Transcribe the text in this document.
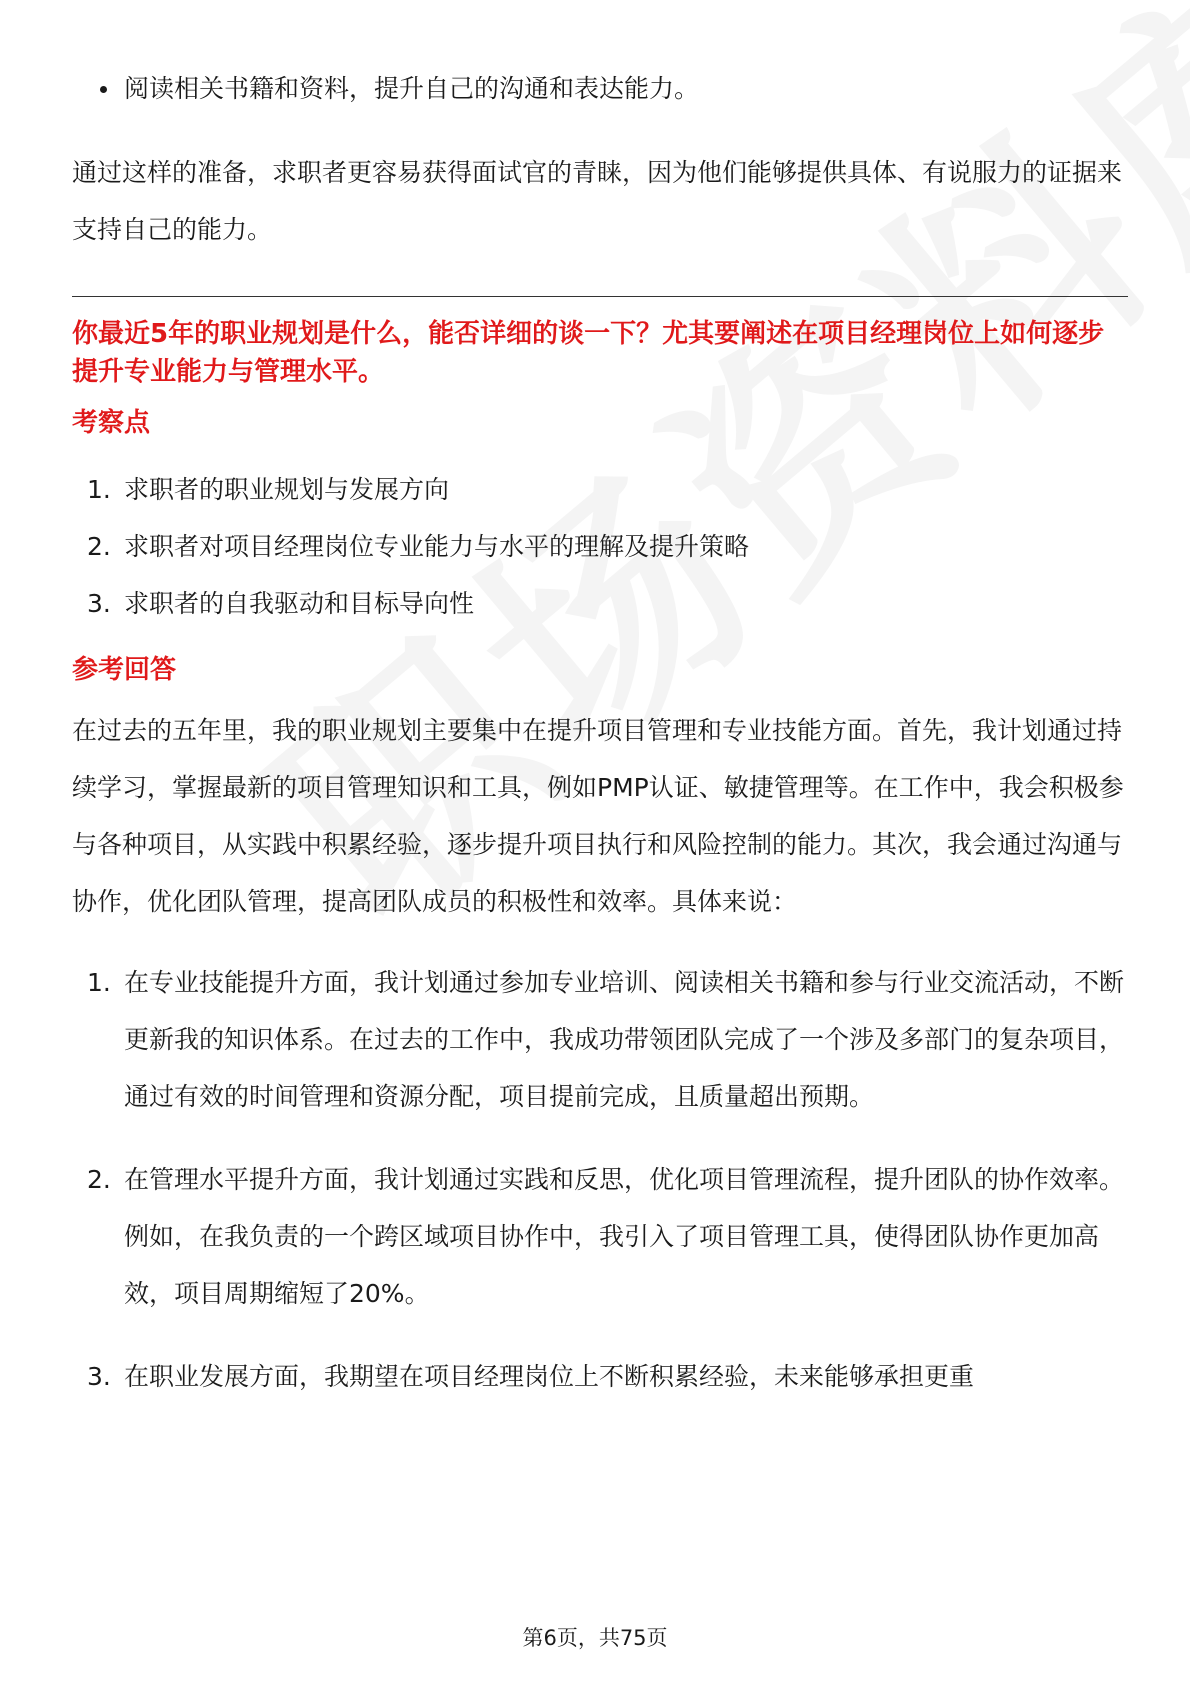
阅读相关书籍和资料，提升自己的沟通和表达能力。

通过这样的准备，求职者更容易获得面试官的青睐，因为他们能够提供具体、有说服力的证据来支持自己的能力。

你最近5年的职业规划是什么，能否详细的谈一下？尤其要阐述在项目经理岗位上如何逐步提升专业能力与管理水平。
考察点
1. 求职者的职业规划与发展方向
2. 求职者对项目经理岗位专业能力与水平的理解及提升策略
3. 求职者的自我驱动和目标导向性
参考回答

在过去的五年里，我的职业规划主要集中在提升项目管理和专业技能方面。首先，我计划通过持续学习，掌握最新的项目管理知识和工具，例如PMP认证、敏捷管理等。在工作中，我会积极参与各种项目，从实践中积累经验，逐步提升项目执行和风险控制的能力。其次，我会通过沟通与协作，优化团队管理，提高团队成员的积极性和效率。具体来说：

1. 在专业技能提升方面，我计划通过参加专业培训、阅读相关书籍和参与行业交流活动，不断更新我的知识体系。在过去的工作中，我成功带领团队完成了一个涉及多部门的复杂项目，通过有效的时间管理和资源分配，项目提前完成，且质量超出预期。
2. 在管理水平提升方面，我计划通过实践和反思，优化项目管理流程，提升团队的协作效率。例如，在我负责的一个跨区域项目协作中，我引入了项目管理工具，使得团队协作更加高效，项目周期缩短了20%。
3. 在职业发展方面，我期望在项目经理岗位上不断积累经验，未来能够承担更重
第6页，共75页
